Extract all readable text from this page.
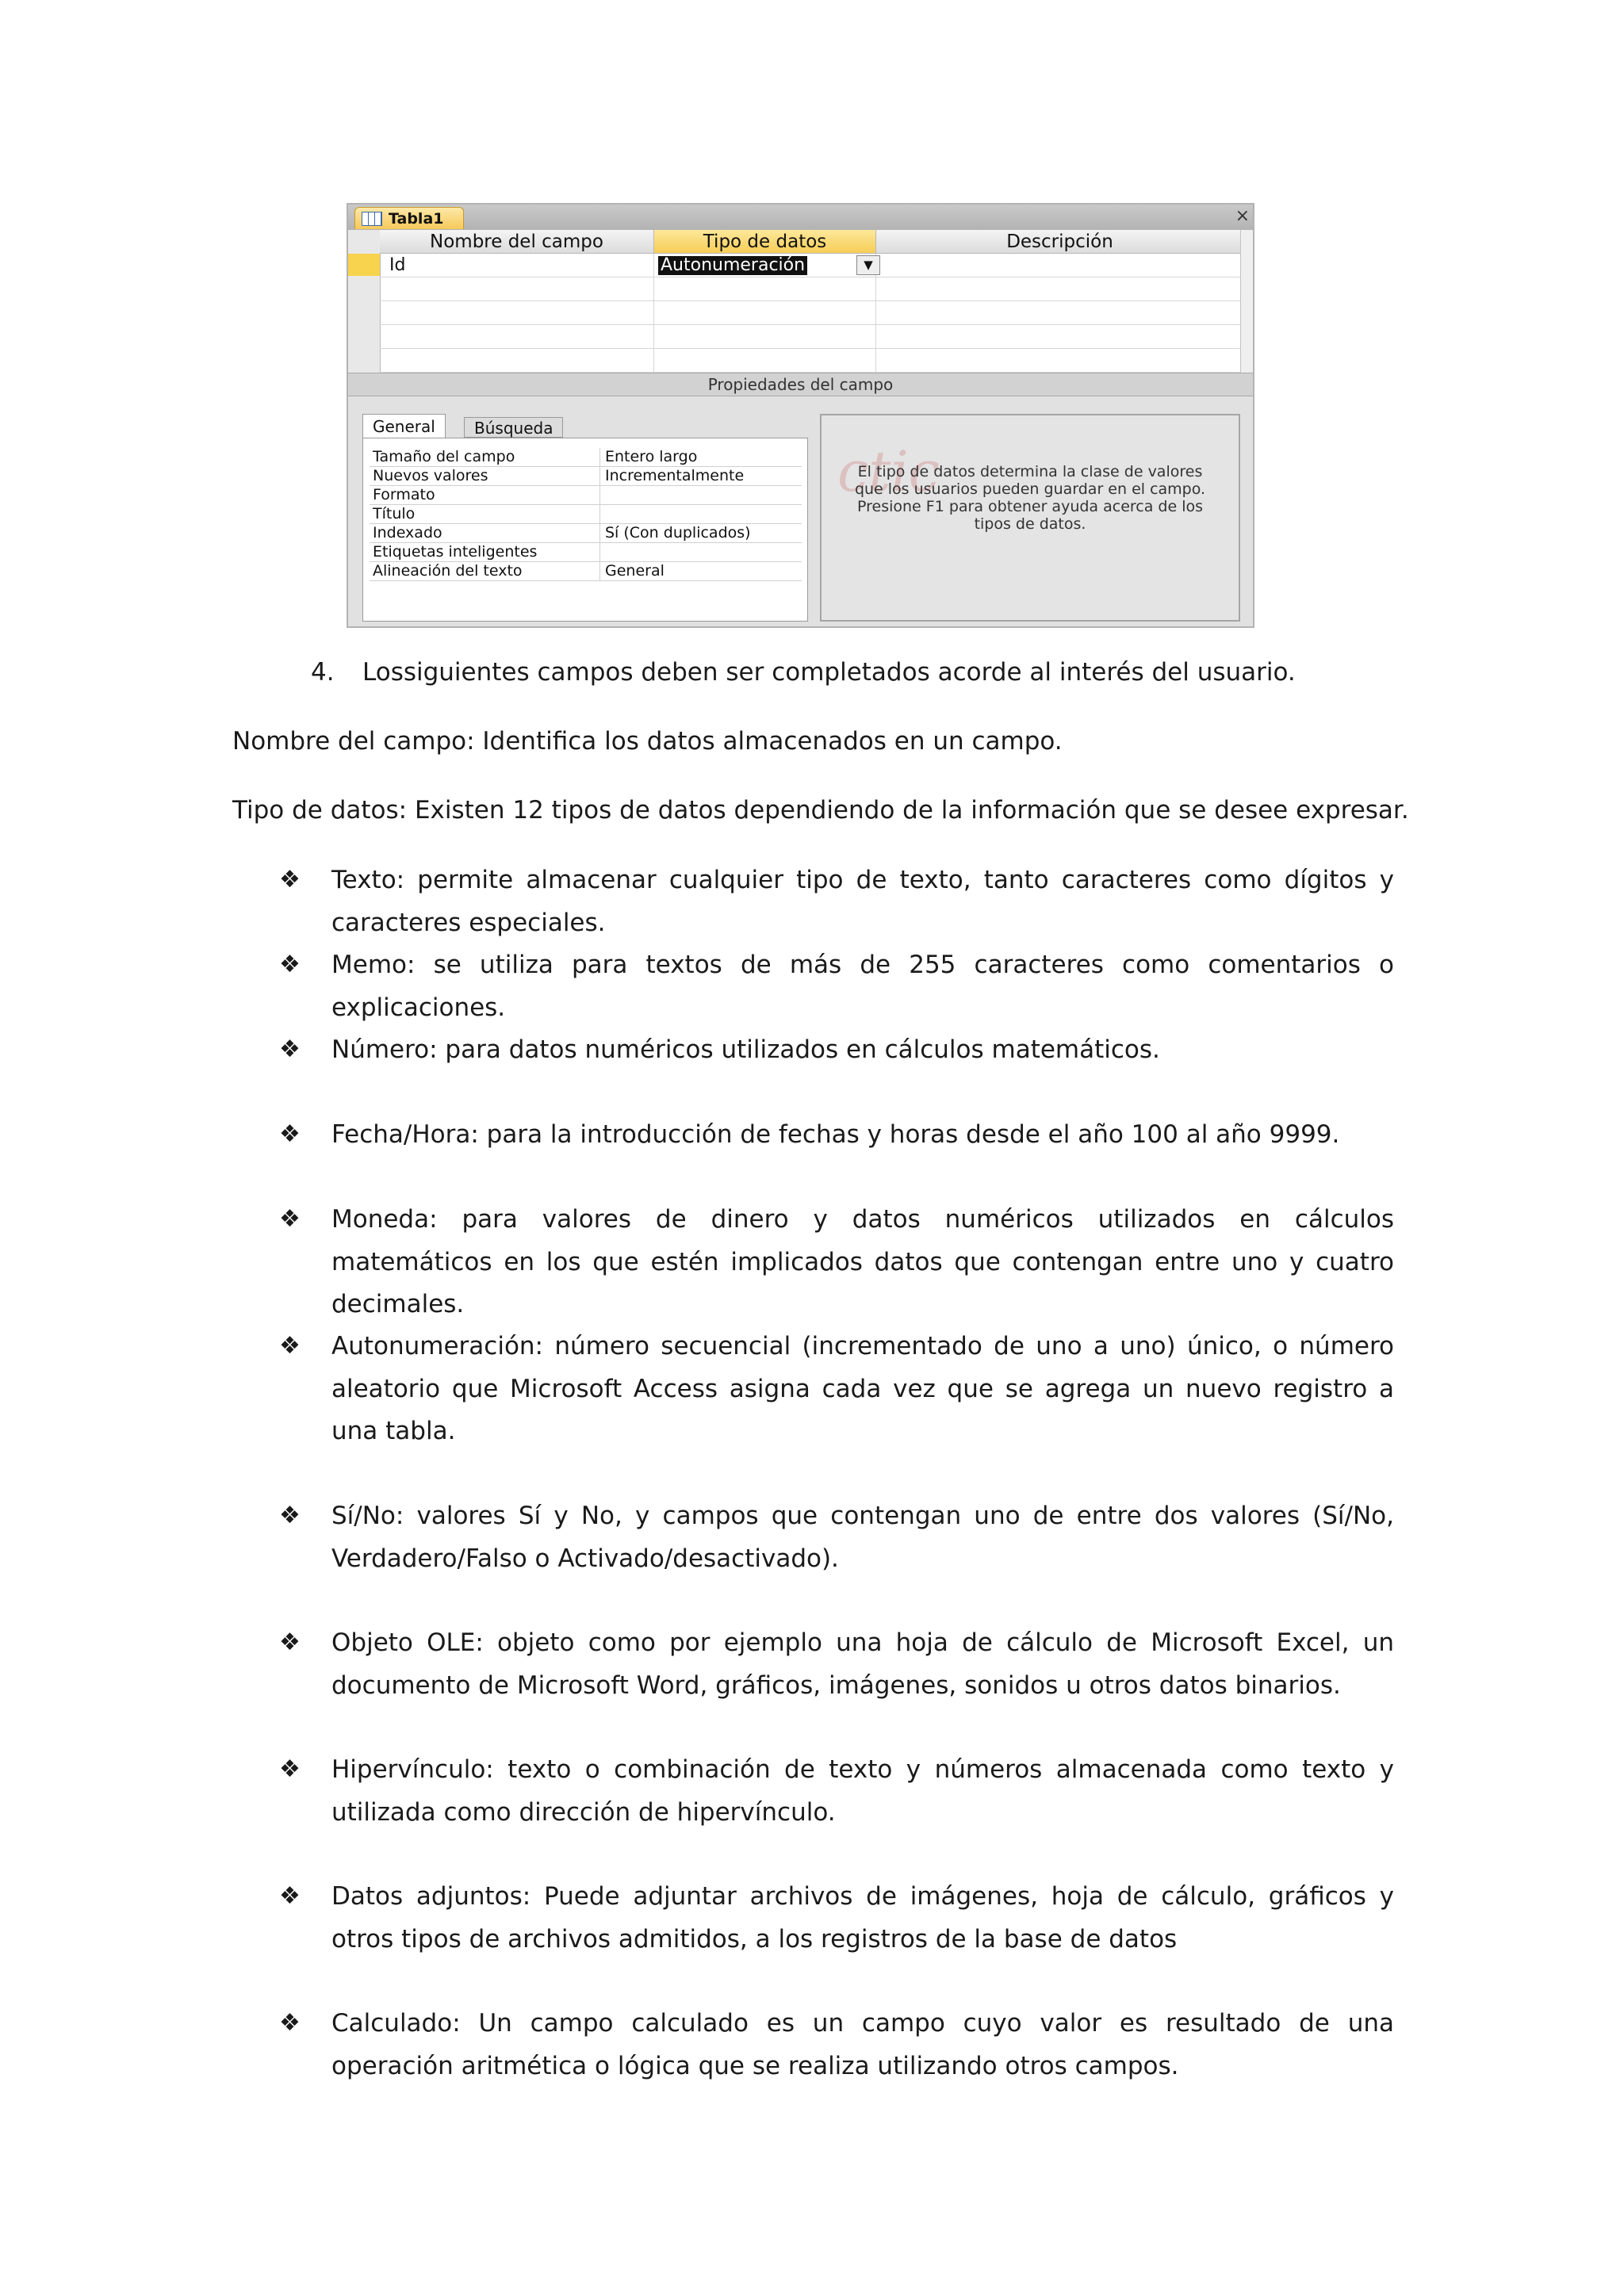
Tabla1	×
Nombre del campo	Tipo de datos	Descripción
Id	Autonumeración	▼
Propiedades del campo
General	Búsqueda
Tamaño del campo	Entero largo
Nuevos valores	Incrementalmente
Formato
Título
Indexado	Sí (Con duplicados)
Etiquetas inteligentes
Alineación del texto	General
ctic
El tipo de datos determina la clase de valores
que los usuarios pueden guardar en el campo.
Presione F1 para obtener ayuda acerca de los
tipos de datos.
4. Lossiguientes campos deben ser completados acorde al interés del usuario.
Nombre del campo: Identifica los datos almacenados en un campo.
Tipo de datos: Existen 12 tipos de datos dependiendo de la información que se desee expresar.
❖ Texto: permite almacenar cualquier tipo de texto, tanto caracteres como dígitos y caracteres especiales.
❖ Memo: se utiliza para textos de más de 255 caracteres como comentarios o explicaciones.
❖ Número: para datos numéricos utilizados en cálculos matemáticos.
❖ Fecha/Hora: para la introducción de fechas y horas desde el año 100 al año 9999.
❖ Moneda: para valores de dinero y datos numéricos utilizados en cálculos matemáticos en los que estén implicados datos que contengan entre uno y cuatro decimales.
❖ Autonumeración: número secuencial (incrementado de uno a uno) único, o número aleatorio que Microsoft Access asigna cada vez que se agrega un nuevo registro a una tabla.
❖ Sí/No: valores Sí y No, y campos que contengan uno de entre dos valores (Sí/No, Verdadero/Falso o Activado/desactivado).
❖ Objeto OLE: objeto como por ejemplo una hoja de cálculo de Microsoft Excel, un documento de Microsoft Word, gráficos, imágenes, sonidos u otros datos binarios.
❖ Hipervínculo: texto o combinación de texto y números almacenada como texto y utilizada como dirección de hipervínculo.
❖ Datos adjuntos: Puede adjuntar archivos de imágenes, hoja de cálculo, gráficos y otros tipos de archivos admitidos, a los registros de la base de datos
❖ Calculado: Un campo calculado es un campo cuyo valor es resultado de una operación aritmética o lógica que se realiza utilizando otros campos.
